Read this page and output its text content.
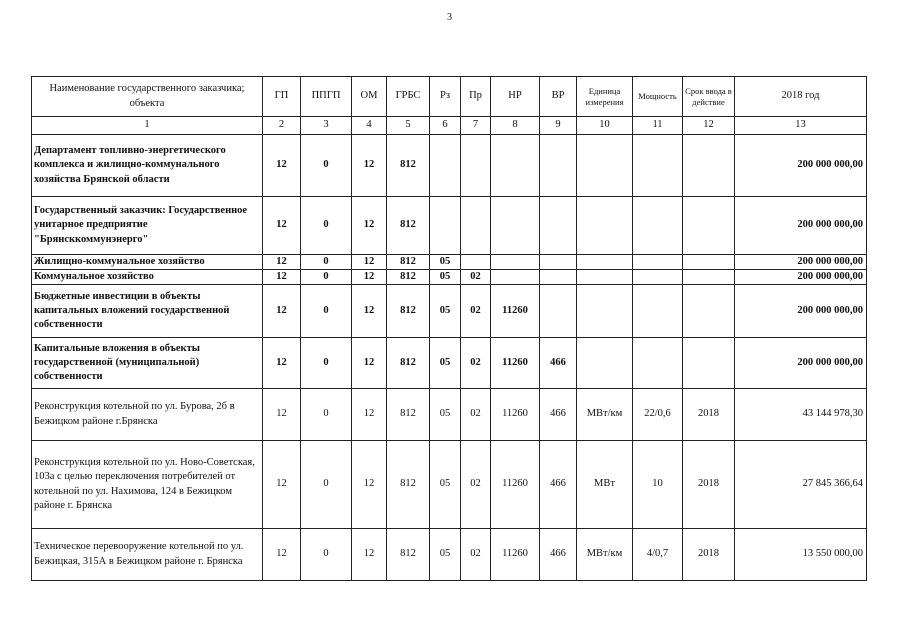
3
Наименование государственного заказчика; объекта	ГП	ППГП	ОМ	ГРБС	Рз	Пр	НР	ВР	Единица измерения	Мощность	Срок ввода в действие	2018 год
1	2	3	4	5	6	7	8	9	10	11	12	13
Департамент топливно-энергетического комплекса и жилищно-коммунального хозяйства Брянской области	12	0	12	812								200 000 000,00
Государственный заказчик: Государственное унитарное предприятие "Брянсккоммунэнерго"	12	0	12	812								200 000 000,00
Жилищно-коммунальное хозяйство	12	0	12	812	05							200 000 000,00
Коммунальное хозяйство	12	0	12	812	05	02						200 000 000,00
Бюджетные инвестиции в объекты капитальных вложений государственной собственности	12	0	12	812	05	02	11260					200 000 000,00
Капитальные вложения в объекты государственной (муниципальной) собственности	12	0	12	812	05	02	11260	466				200 000 000,00
Реконструкция котельной по ул. Бурова, 2б в Бежицком районе г.Брянска	12	0	12	812	05	02	11260	466	МВт/км	22/0,6	2018	43 144 978,30
Реконструкция котельной по ул. Ново-Советская, 103а с целью переключения потребителей от котельной по ул. Нахимова, 124 в Бежицком районе г. Брянска	12	0	12	812	05	02	11260	466	МВт	10	2018	27 845 366,64
Техническое перевооружение котельной по ул. Бежицкая, 315А в Бежицком районе г. Брянска	12	0	12	812	05	02	11260	466	МВт/км	4/0,7	2018	13 550 000,00
